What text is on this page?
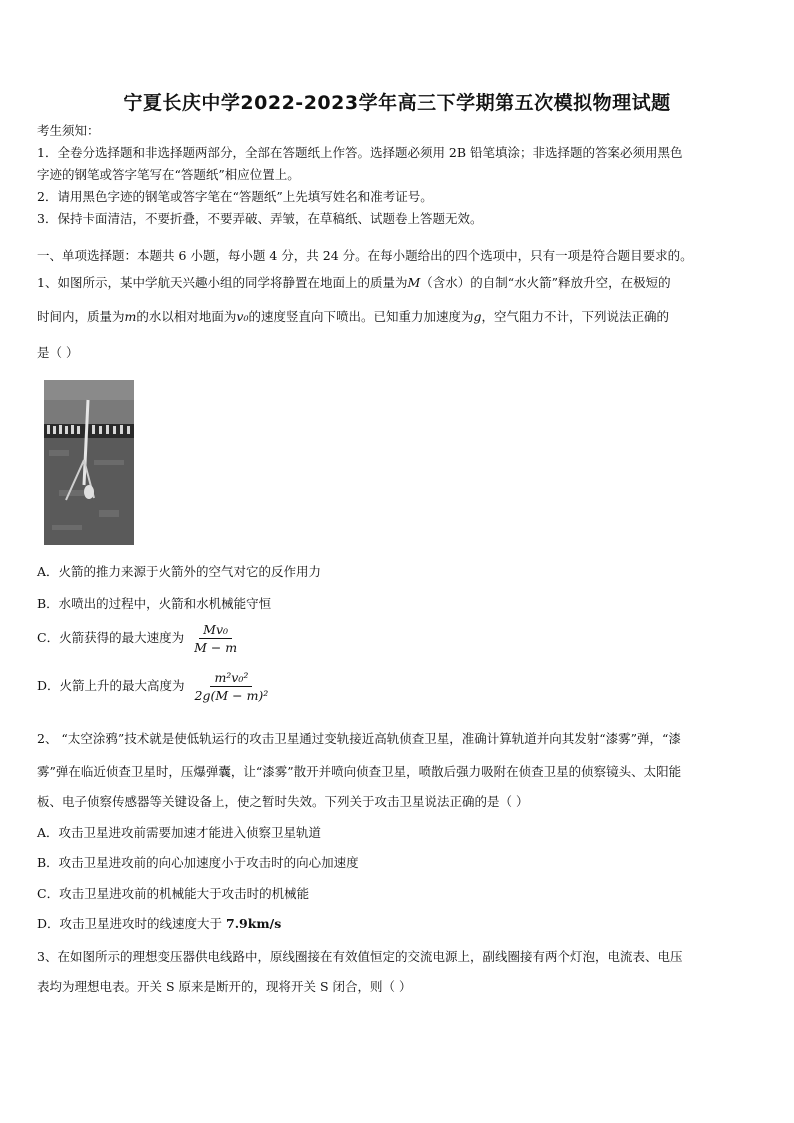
宁夏长庆中学2022-2023学年高三下学期第五次模拟物理试题
考生须知：
1．全卷分选择题和非选择题两部分，全部在答题纸上作答。选择题必须用 2B 铅笔填涂；非选择题的答案必须用黑色
字迹的钢笔或答字笔写在“答题纸”相应位置上。
2．请用黑色字迹的钢笔或答字笔在“答题纸”上先填写姓名和准考证号。
3．保持卡面清洁，不要折叠，不要弄破、弄皱，在草稿纸、试题卷上答题无效。
一、单项选择题：本题共 6 小题，每小题 4 分，共 24 分。在每小题给出的四个选项中，只有一项是符合题目要求的。
1、如图所示，某中学航天兴趣小组的同学将静置在地面上的质量为M（含水）的自制“水火箭”释放升空，在极短的
时间内，质量为m的水以相对地面为v₀的速度竖直向下喷出。已知重力加速度为g，空气阻力不计，下列说法正确的
是（ ）
A．火箭的推力来源于火箭外的空气对它的反作用力
B．水喷出的过程中，火箭和水机械能守恒
C．火箭获得的最大速度为 $\frac{\text{Mv₀}}{M - m}$
D．火箭上升的最大高度为 $\frac{\text{m²v₀²}}{\text{2g(M − m)²}}$
2、 “太空涂鸦”技术就是使低轨运行的攻击卫星通过变轨接近高轨侦查卫星，准确计算轨道并向其发射“漆雾”弹，“漆
雾”弹在临近侦查卫星时，压爆弹囊，让“漆雾”散开并喷向侦查卫星，喷散后强力吸附在侦查卫星的侦察镜头、太阳能
板、电子侦察传感器等关键设备上，使之暂时失效。下列关于攻击卫星说法正确的是（ ）
A．攻击卫星进攻前需要加速才能进入侦察卫星轨道
B．攻击卫星进攻前的向心加速度小于攻击时的向心加速度
C．攻击卫星进攻前的机械能大于攻击时的机械能
D．攻击卫星进攻时的线速度大于 7.9km/s
3、在如图所示的理想变压器供电线路中，原线圈接在有效值恒定的交流电源上，副线圈接有两个灯泡，电流表、电压
表均为理想电表。开关 S 原来是断开的，现将开关 S 闭合，则（ ）
